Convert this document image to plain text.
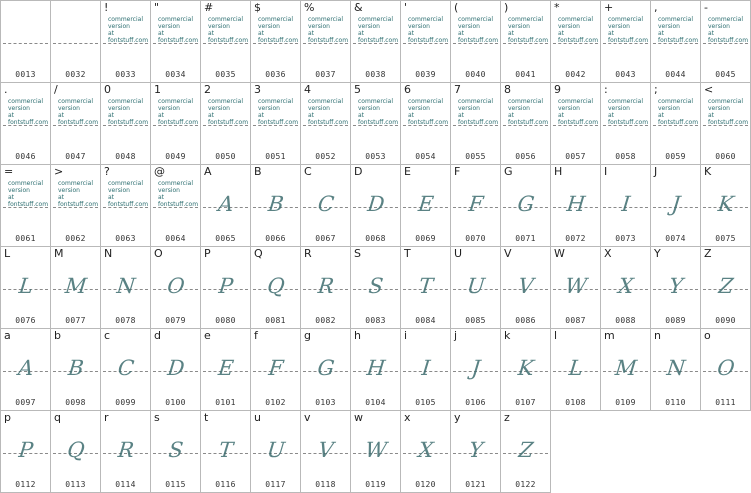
0013	0032
!
commercial
version
at
fontstuff.com
0033
"
commercial
version
at
fontstuff.com
0034
#
commercial
version
at
fontstuff.com
0035
$
commercial
version
at
fontstuff.com
0036
%
commercial
version
at
fontstuff.com
0037
&
commercial
version
at
fontstuff.com
0038
'
commercial
version
at
fontstuff.com
0039
(
commercial
version
at
fontstuff.com
0040
)
commercial
version
at
fontstuff.com
0041
*
commercial
version
at
fontstuff.com
0042
+
commercial
version
at
fontstuff.com
0043
,
commercial
version
at
fontstuff.com
0044
-
commercial
version
at
fontstuff.com
0045
.
commercial
version
at
fontstuff.com
0046
/
commercial
version
at
fontstuff.com
0047
0
commercial
version
at
fontstuff.com
0048
1
commercial
version
at
fontstuff.com
0049
2
commercial
version
at
fontstuff.com
0050
3
commercial
version
at
fontstuff.com
0051
4
commercial
version
at
fontstuff.com
0052
5
commercial
version
at
fontstuff.com
0053
6
commercial
version
at
fontstuff.com
0054
7
commercial
version
at
fontstuff.com
0055
8
commercial
version
at
fontstuff.com
0056
9
commercial
version
at
fontstuff.com
0057
:
commercial
version
at
fontstuff.com
0058
;
commercial
version
at
fontstuff.com
0059
<
commercial
version
at
fontstuff.com
0060
=
commercial
version
at
fontstuff.com
0061
>
commercial
version
at
fontstuff.com
0062
?
commercial
version
at
fontstuff.com
0063
@
commercial
version
at
fontstuff.com
0064
A
A
0065
B
B
0066
C
C
0067
D
D
0068
E
E
0069
F
F
0070
G
G
0071
H
H
0072
I
I
0073
J
J
0074
K
K
0075
L
L
0076
M
M
0077
N
N
0078
O
O
0079
P
P
0080
Q
Q
0081
R
R
0082
S
S
0083
T
T
0084
U
U
0085
V
V
0086
W
W
0087
X
X
0088
Y
Y
0089
Z
Z
0090
a
A
0097
b
B
0098
c
C
0099
d
D
0100
e
E
0101
f
F
0102
g
G
0103
h
H
0104
i
I
0105
j
J
0106
k
K
0107
l
L
0108
m
M
0109
n
N
0110
o
O
0111
p
P
0112
q
Q
0113
r
R
0114
s
S
0115
t
T
0116
u
U
0117
v
V
0118
w
W
0119
x
X
0120
y
Y
0121
z
Z
0122
